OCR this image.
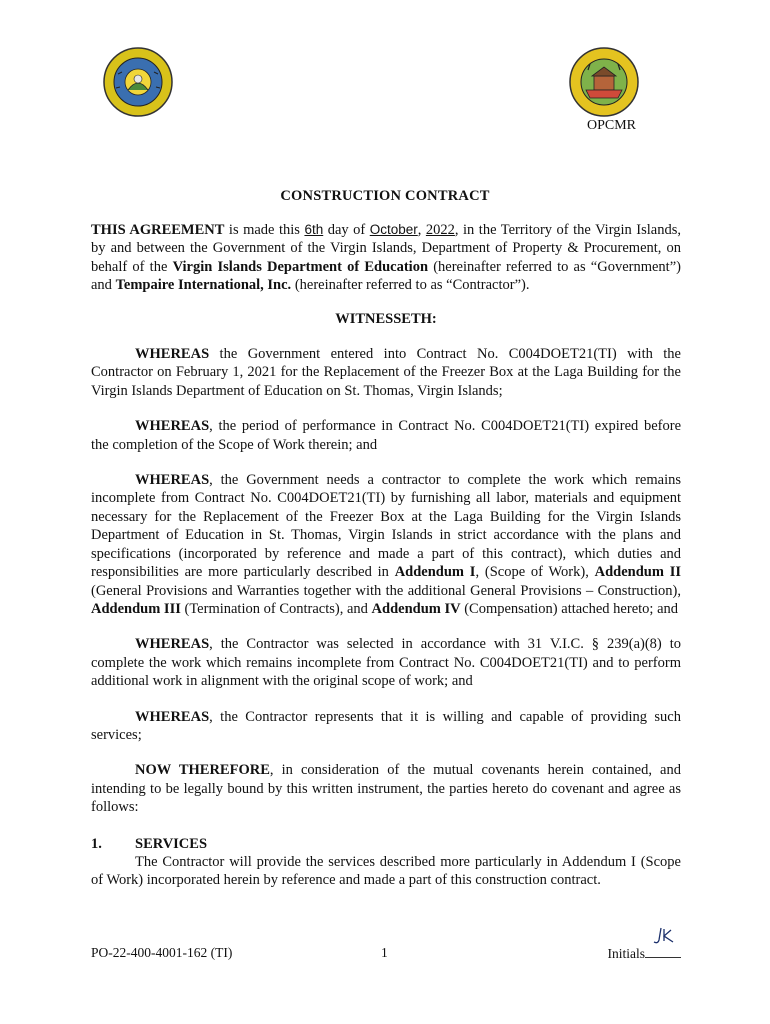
OPCMR
CONSTRUCTION CONTRACT

THIS AGREEMENT is made this 6th day of October, 2022, in the Territory of the Virgin Islands, by and between the Government of the Virgin Islands, Department of Property & Procurement, on behalf of the Virgin Islands Department of Education (hereinafter referred to as “Government”) and Tempaire International, Inc. (hereinafter referred to as “Contractor”).

WITNESSETH:

WHEREAS the Government entered into Contract No. C004DOET21(TI) with the Contractor on February 1, 2021 for the Replacement of the Freezer Box at the Laga Building for the Virgin Islands Department of Education on St. Thomas, Virgin Islands;

WHEREAS, the period of performance in Contract No. C004DOET21(TI) expired before the completion of the Scope of Work therein; and

WHEREAS, the Government needs a contractor to complete the work which remains incomplete from Contract No. C004DOET21(TI) by furnishing all labor, materials and equipment necessary for the Replacement of the Freezer Box at the Laga Building for the Virgin Islands Department of Education in St. Thomas, Virgin Islands in strict accordance with the plans and specifications (incorporated by reference and made a part of this contract), which duties and responsibilities are more particularly described in Addendum I, (Scope of Work), Addendum II (General Provisions and Warranties together with the additional General Provisions – Construction), Addendum III (Termination of Contracts), and Addendum IV (Compensation) attached hereto; and

WHEREAS, the Contractor was selected in accordance with 31 V.I.C. § 239(a)(8) to complete the work which remains incomplete from Contract No. C004DOET21(TI) and to perform additional work in alignment with the original scope of work; and

WHEREAS, the Contractor represents that it is willing and capable of providing such services;

NOW THEREFORE, in consideration of the mutual covenants herein contained, and intending to be legally bound by this written instrument, the parties hereto do covenant and agree as follows:

1. SERVICES

The Contractor will provide the services described more particularly in Addendum I (Scope of Work) incorporated herein by reference and made a part of this construction contract.

PO-22-400-4001-162 (TI)	1	Initials
